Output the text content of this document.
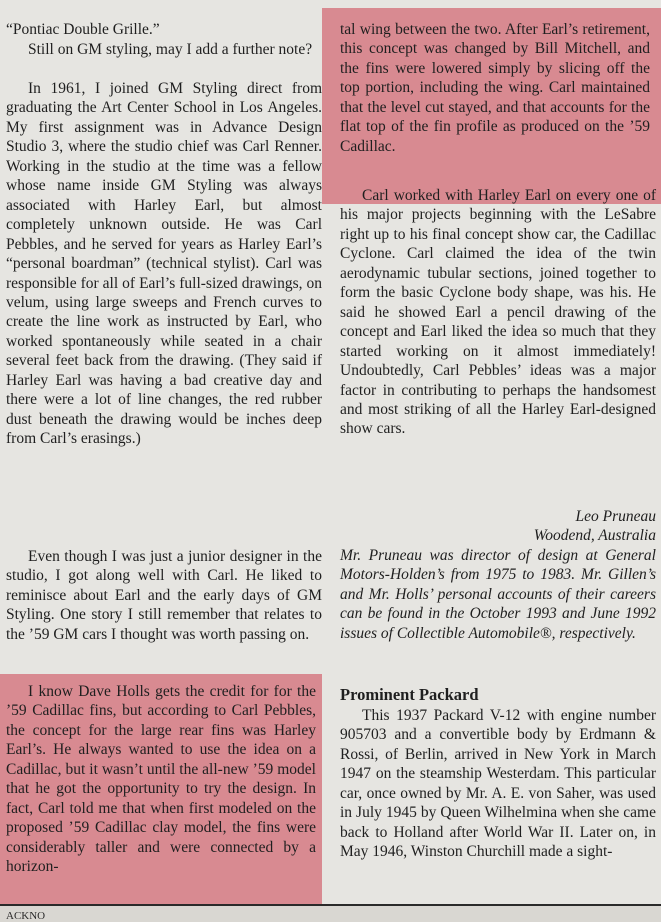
“Pontiac Double Grille.”

Still on GM styling, may I add a further note?

In 1961, I joined GM Styling direct from graduating the Art Center School in Los Angeles. My first assignment was in Advance Design Studio 3, where the studio chief was Carl Renner. Working in the studio at the time was a fellow whose name inside GM Styling was always associated with Harley Earl, but almost completely unknown outside. He was Carl Pebbles, and he served for years as Harley Earl’s “personal boardman” (technical stylist). Carl was responsible for all of Earl’s full-sized drawings, on velum, using large sweeps and French curves to create the line work as instructed by Earl, who worked spontaneously while seated in a chair several feet back from the drawing. (They said if Harley Earl was having a bad creative day and there were a lot of line changes, the red rubber dust beneath the drawing would be inches deep from Carl’s erasings.)

Even though I was just a junior designer in the studio, I got along well with Carl. He liked to reminisce about Earl and the early days of GM Styling. One story I still remember that relates to the ’59 GM cars I thought was worth passing on.

I know Dave Holls gets the credit for for the ’59 Cadillac fins, but according to Carl Pebbles, the concept for the large rear fins was Harley Earl’s. He always wanted to use the idea on a Cadillac, but it wasn’t until the all-new ’59 model that he got the opportunity to try the design. In fact, Carl told me that when first modeled on the proposed ’59 Cadillac clay model, the fins were considerably taller and were connected by a horizon-

tal wing between the two. After Earl’s retirement, this concept was changed by Bill Mitchell, and the fins were lowered simply by slicing off the top portion, including the wing. Carl maintained that the level cut stayed, and that accounts for the flat top of the fin profile as produced on the ’59 Cadillac.

Carl worked with Harley Earl on every one of his major projects beginning with the LeSabre right up to his final concept show car, the Cadillac Cyclone. Carl claimed the idea of the twin aerodynamic tubular sections, joined together to form the basic Cyclone body shape, was his. He said he showed Earl a pencil drawing of the concept and Earl liked the idea so much that they started working on it almost immediately! Undoubtedly, Carl Pebbles’ ideas was a major factor in contributing to perhaps the handsomest and most striking of all the Harley Earl-designed show cars.

Leo Pruneau

Woodend, Australia

Mr. Pruneau was director of design at General Motors-Holden’s from 1975 to 1983. Mr. Gillen’s and Mr. Holls’ personal accounts of their careers can be found in the October 1993 and June 1992 issues of Collectible Automobile®, respectively.

Prominent Packard

This 1937 Packard V-12 with engine number 905703 and a convertible body by Erdmann & Rossi, of Berlin, arrived in New York in March 1947 on the steamship Westerdam. This particular car, once owned by Mr. A. E. von Saher, was used in July 1945 by Queen Wilhelmina when she came back to Holland after World War II. Later on, in May 1946, Winston Churchill made a sight-

ACKNO
